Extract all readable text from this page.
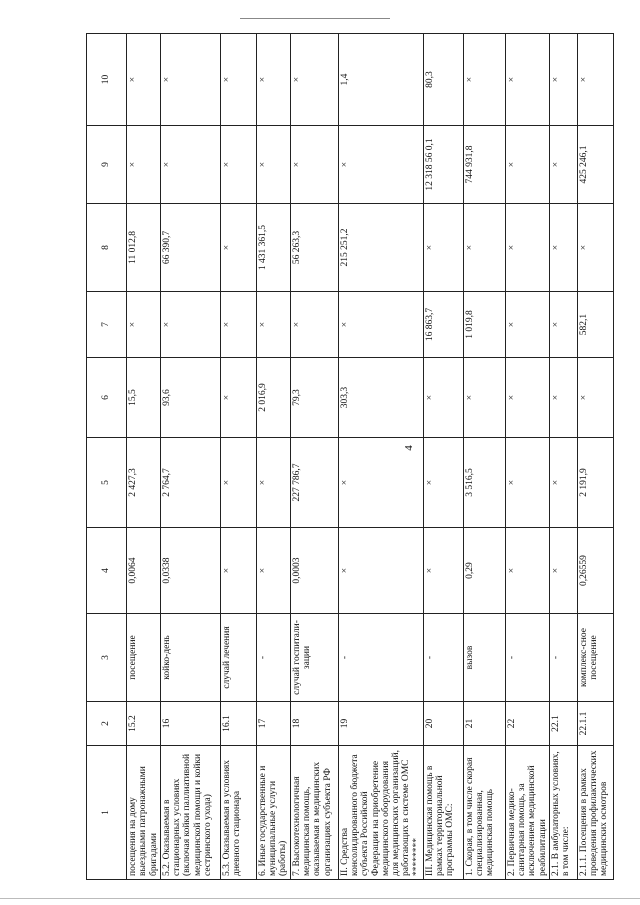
4
1	2	3	4	5	6	7	8	9	10
посещения на дому выездными патронажными бригадами	15.2	посещение	0,0064	2 427,3	15,5	×	11 012,8	×	×
5.2. Оказываемая в стационарных условиях (включая койки паллиативной медицинской помощи и койки сестринского ухода)	16	койко-день	0,0338	2 764,7	93,6	×	66 390,7	×	×
5.3. Оказываемая в условиях дневного стационара	16.1	случай лечения	×	×	×	×	×	×	×
6. Иные государственные и муниципальные услуги (работы)	17	-	×	×	2 016,9	×	1 431 361,5	×	×
7. Высокотехнологичная медицинская помощь, оказываемая в медицинских организациях субъекта РФ	18	случай госпитали-зации	0,0003	227 786,7	79,3	×	56 263,3	×	×
II. Средства консолидированного бюджета субъекта Российской Федерации на приобретение медицинского оборудования для медицинских организаций, работающих в системе ОМС ********	19	-	×	×	303,3	×	215 251,2	×	1,4
III. Медицинская помощь в рамках территориальной программы ОМС:	20	-	×	×	×	16 863,7	×	12 318 56 0,1	80,3
1. Скорая, в том числе скорая специализированная, медицинская помощь	21	вызов	0,29	3 516,5	×	1 019,8	×	744 931,8	×
2. Первичная медико-санитарная помощь, за исключением медицинской реабилитации	22	-	×	×	×	×	×	×	×
2.1. В амбулаторных условиях, в том числе:	22.1	-	×	×	×	×	×	×	×
2.1.1. Посещения в рамках проведения профилактических медицинских осмотров	22.1.1	комплекс-сное посещение	0,26559	2 191,9	×	582,1	×	425 246,1	×
